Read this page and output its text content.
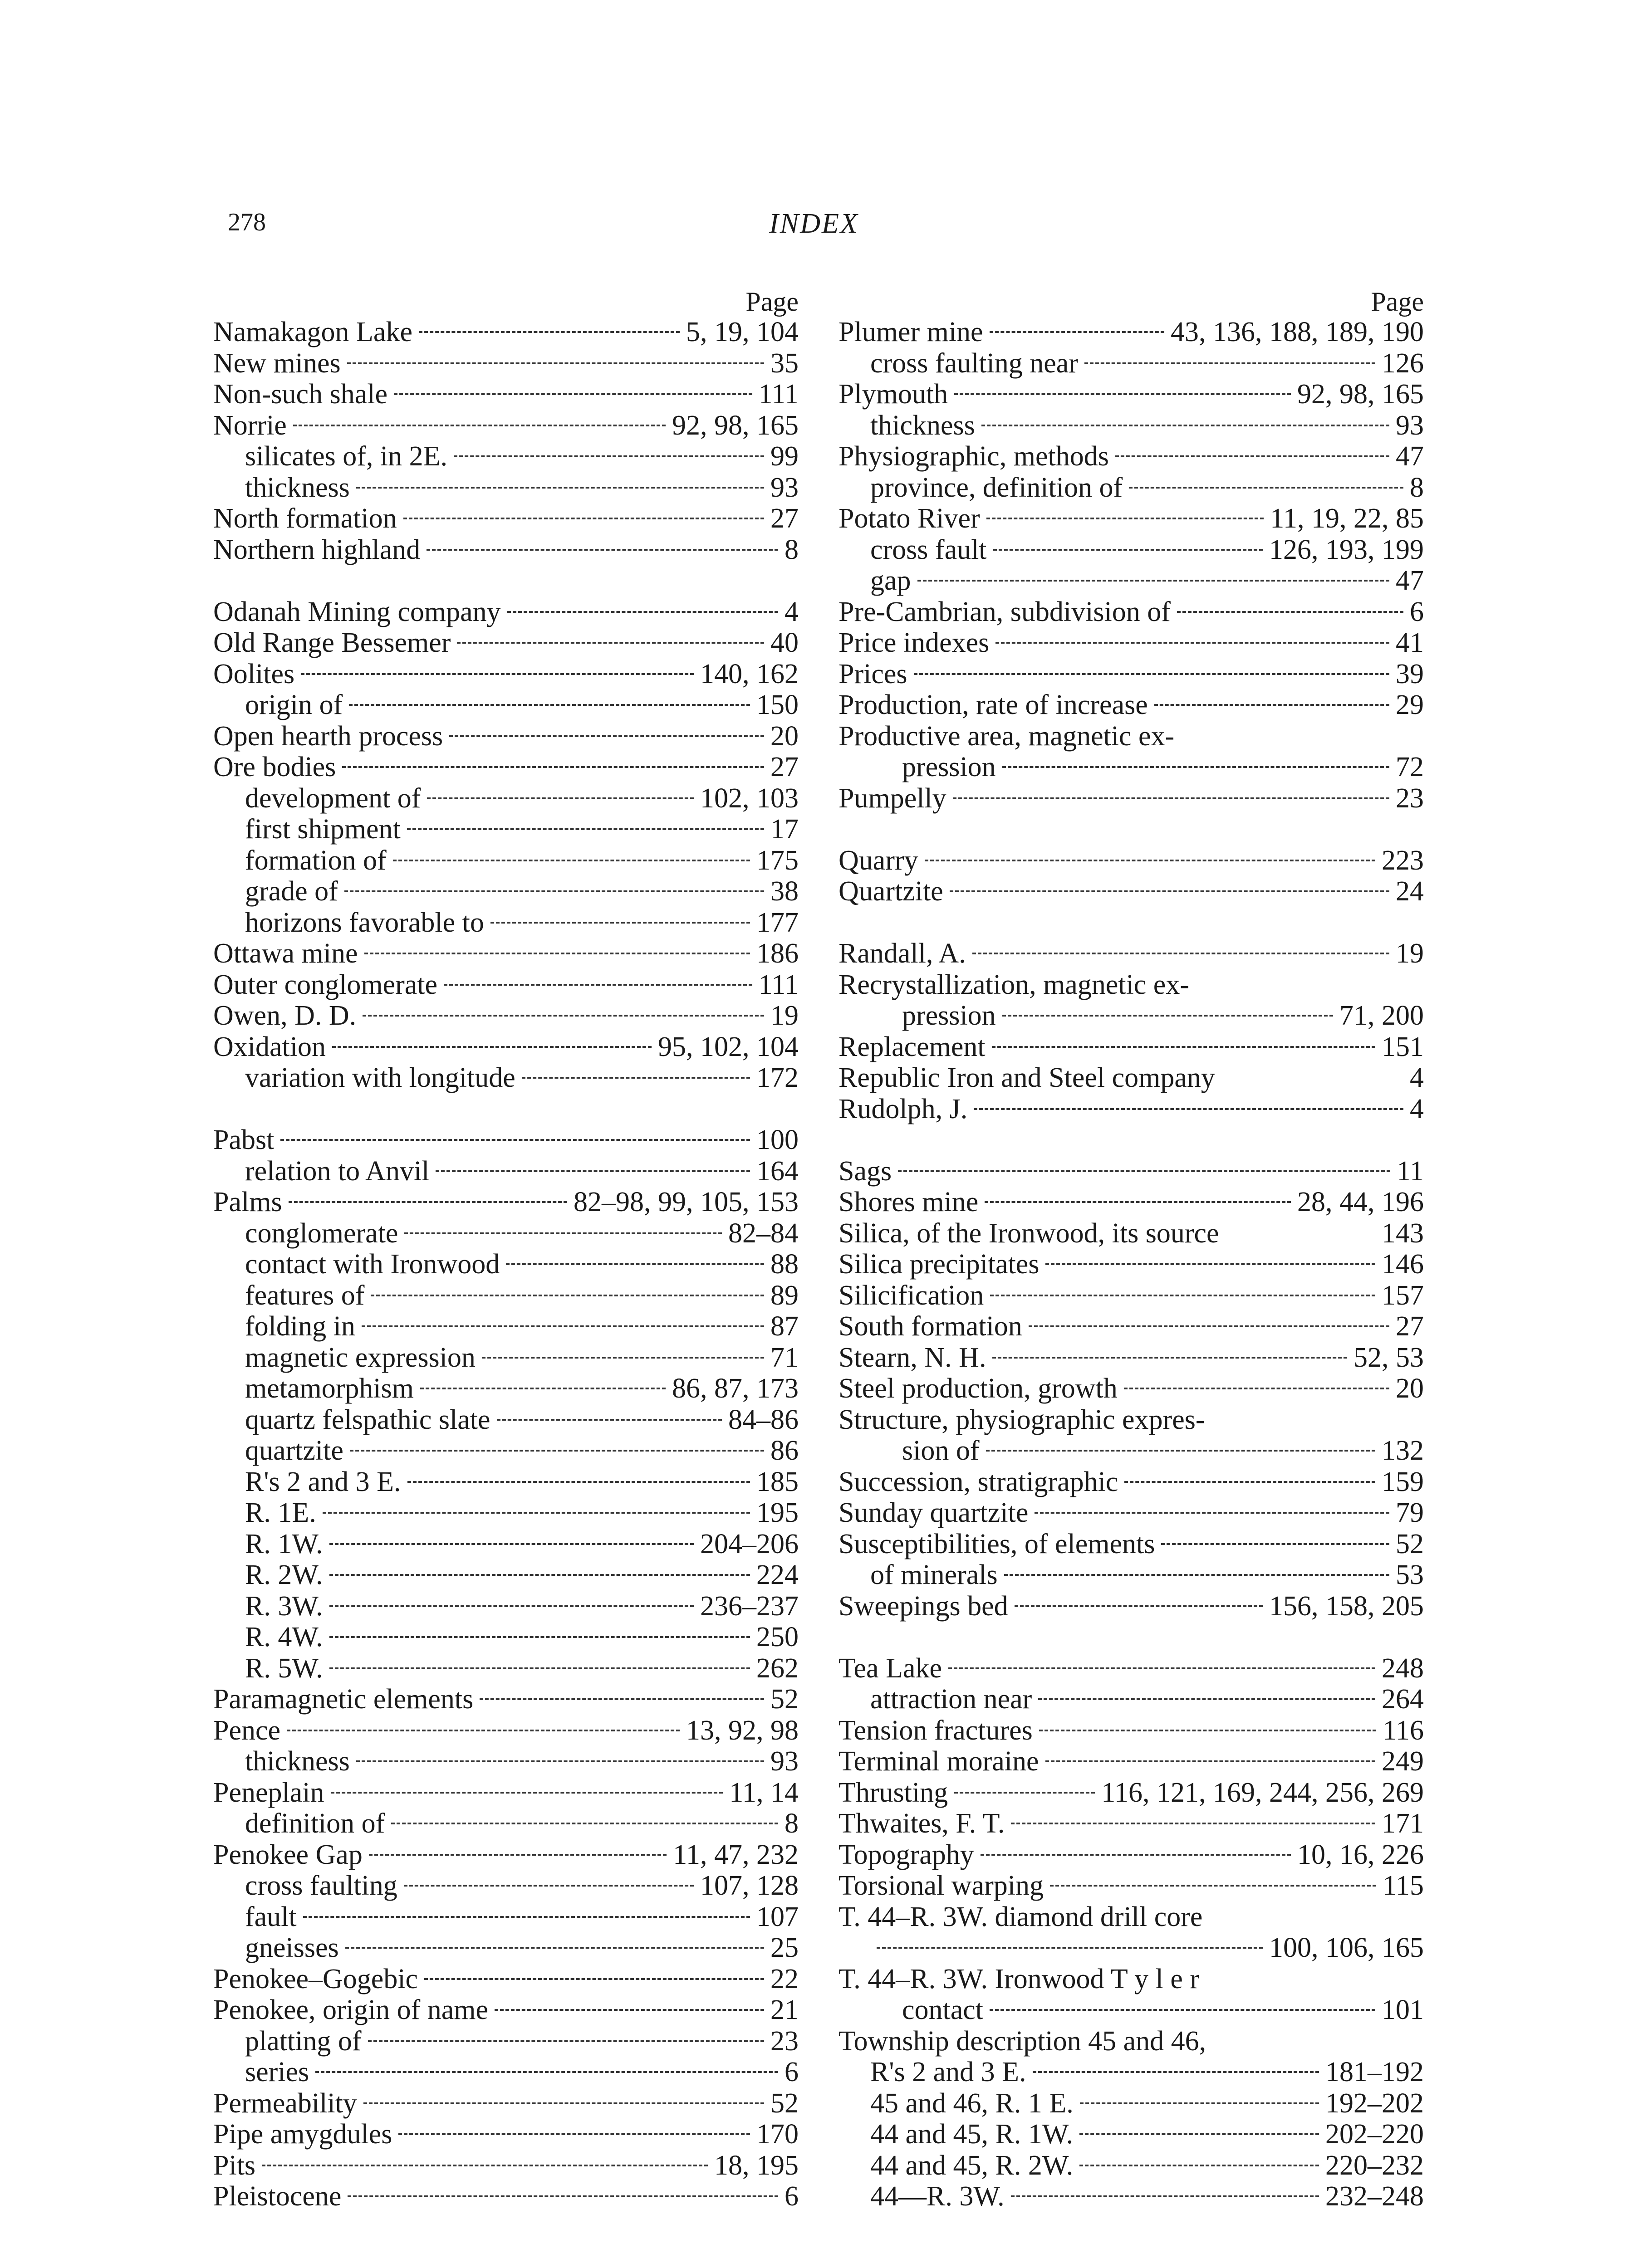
278	INDEX
Page
Namakagon Lake	5, 19, 104
New mines	35
Non-such shale	111
Norrie	92, 98, 165
silicates of, in 2E.	99
thickness	93
North formation	27
Northern highland	8
Odanah Mining company	4
Old Range Bessemer	40
Oolites	140, 162
origin of	150
Open hearth process	20
Ore bodies	27
development of	102, 103
first shipment	17
formation of	175
grade of	38
horizons favorable to	177
Ottawa mine	186
Outer conglomerate	111
Owen, D. D.	19
Oxidation	95, 102, 104
variation with longitude	172
Pabst	100
relation to Anvil	164
Palms	82–98, 99, 105, 153
conglomerate	82–84
contact with Ironwood	88
features of	89
folding in	87
magnetic expression	71
metamorphism	86, 87, 173
quartz felspathic slate	84–86
quartzite	86
R's 2 and 3 E.	185
R. 1E.	195
R. 1W.	204–206
R. 2W.	224
R. 3W.	236–237
R. 4W.	250
R. 5W.	262
Paramagnetic elements	52
Pence	13, 92, 98
thickness	93
Peneplain	11, 14
definition of	8
Penokee Gap	11, 47, 232
cross faulting	107, 128
fault	107
gneisses	25
Penokee–Gogebic	22
Penokee, origin of name	21
platting of	23
series	6
Permeability	52
Pipe amygdules	170
Pits	18, 195
Pleistocene	6
Page
Plumer mine	43, 136, 188, 189, 190
cross faulting near	126
Plymouth	92, 98, 165
thickness	93
Physiographic, methods	47
province, definition of	8
Potato River	11, 19, 22, 85
cross fault	126, 193, 199
gap	47
Pre-Cambrian, subdivision of	6
Price indexes	41
Prices	39
Production, rate of increase	29
Productive area, magnetic ex-
pression	72
Pumpelly	23
Quarry	223
Quartzite	24
Randall, A.	19
Recrystallization, magnetic ex-
pression	71, 200
Replacement	151
Republic Iron and Steel company	4
Rudolph, J.	4
Sags	11
Shores mine	28, 44, 196
Silica, of the Ironwood, its source	143
Silica precipitates	146
Silicification	157
South formation	27
Stearn, N. H.	52, 53
Steel production, growth	20
Structure, physiographic expres-
sion of	132
Succession, stratigraphic	159
Sunday quartzite	79
Susceptibilities, of elements	52
of minerals	53
Sweepings bed	156, 158, 205
Tea Lake	248
attraction near	264
Tension fractures	116
Terminal moraine	249
Thrusting	116, 121, 169, 244, 256, 269
Thwaites, F. T.	171
Topography	10, 16, 226
Torsional warping	115
T. 44–R. 3W. diamond drill core
100, 106, 165
T. 44–R. 3W. Ironwood T y l e r
contact	101
Township description 45 and 46,
R's 2 and 3 E.	181–192
45 and 46, R. 1 E.	192–202
44 and 45, R. 1W.	202–220
44 and 45, R. 2W.	220–232
44—R. 3W.	232–248
